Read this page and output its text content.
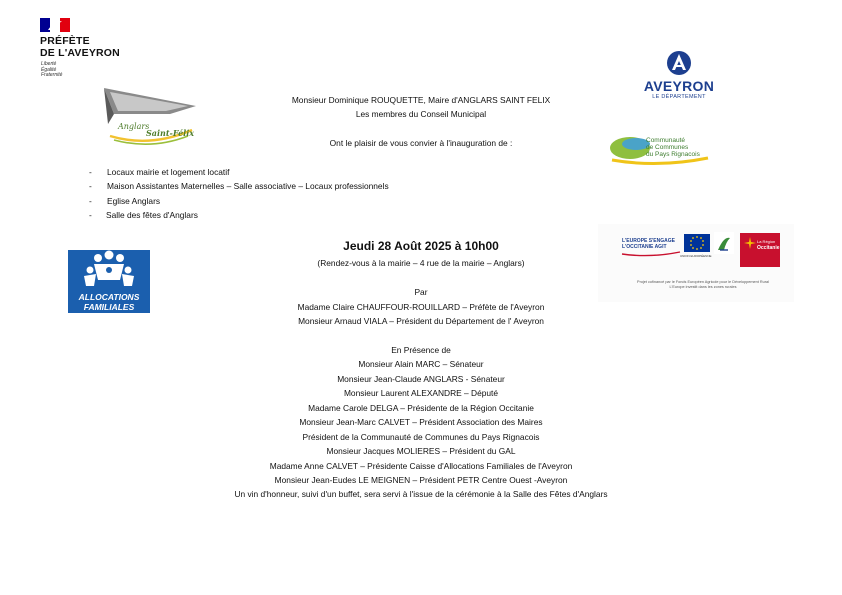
PRÉFÈTE
DE L'AVEYRON
Liberté
Égalité
Fraternité
Anglars
Saint-Félix
AVEYRON
LE DÉPARTEMENT
Communauté
de Communes
du Pays Rignacois
ALLOCATIONS
FAMILIALES
L'EUROPE S'ENGAGE
L'OCCITANIE AGIT
UNION EUROPÉENNE
La Région
Occitanie
Projet cofinancé par le Fonds Européen Agricole pour le Développement Rural
L'Europe investit dans les zones rurales
Monsieur Dominique ROUQUETTE, Maire d'ANGLARS SAINT FELIX
Les membres du Conseil Municipal
Ont le plaisir de vous convier à l'inauguration de :
- Locaux mairie et logement locatif
- Maison Assistantes Maternelles – Salle associative – Locaux professionnels
- Eglise Anglars
- Salle des fêtes d'Anglars
Jeudi 28 Août 2025 à 10h00
(Rendez-vous à la mairie – 4 rue de la mairie – Anglars)
Par
Madame Claire CHAUFFOUR-ROUILLARD – Préfète de l'Aveyron
Monsieur Arnaud VIALA – Président du Département de l' Aveyron
En Présence de
Monsieur Alain MARC – Sénateur
Monsieur Jean-Claude ANGLARS - Sénateur
Monsieur Laurent ALEXANDRE – Député
Madame Carole DELGA – Présidente de la Région Occitanie
Monsieur Jean-Marc CALVET – Président Association des Maires
Président de la Communauté de Communes du Pays Rignacois
Monsieur Jacques MOLIERES – Président du GAL
Madame Anne CALVET – Présidente Caisse d'Allocations Familiales de l'Aveyron
Monsieur Jean-Eudes LE MEIGNEN – Président PETR Centre Ouest -Aveyron
Un vin d'honneur, suivi d'un buffet, sera servi à l'issue de la cérémonie à la Salle des Fêtes d'Anglars
